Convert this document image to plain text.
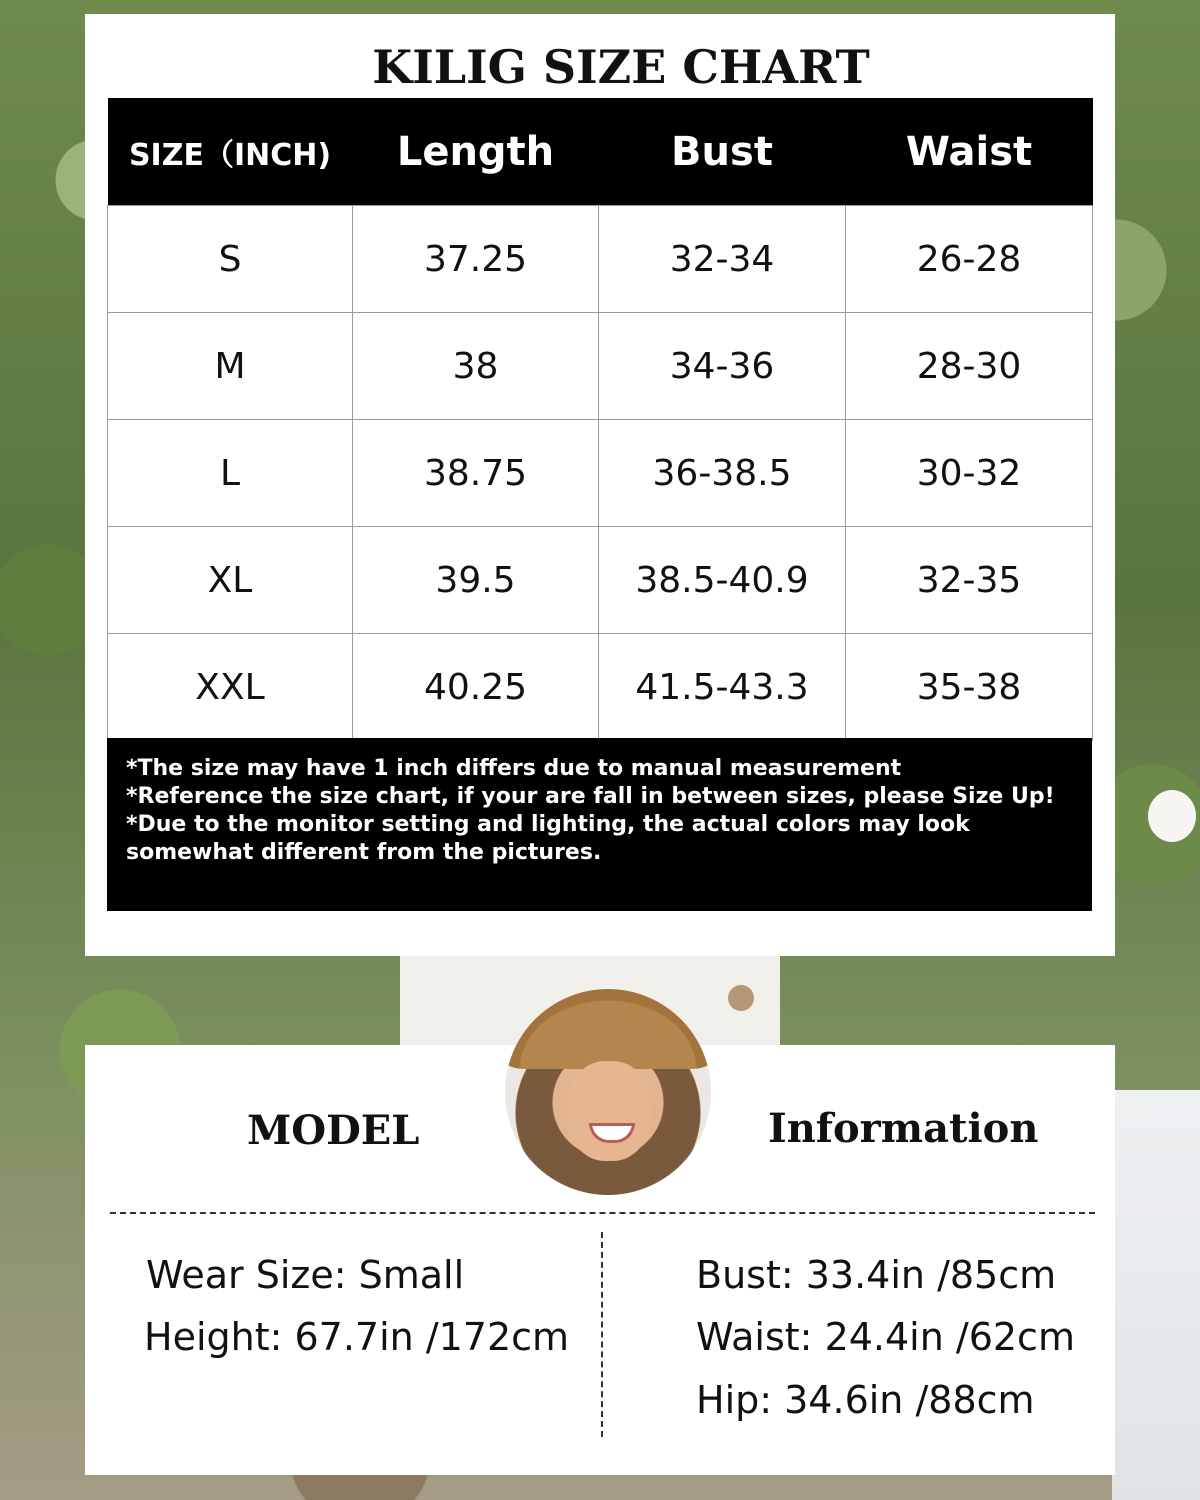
KILIG SIZE CHART
SIZE（INCH)	Length	Bust	Waist
S	37.25	32-34	26-28
M	38	34-36	28-30
L	38.75	36-38.5	30-32
XL	39.5	38.5-40.9	32-35
XXL	40.25	41.5-43.3	35-38
*The size may have 1 inch differs due to manual measurement
*Reference the size chart, if your are fall in between sizes, please Size Up!
*Due to the monitor setting and lighting, the actual colors may look somewhat different from the pictures.
MODEL	Information
Wear Size: Small
Height: 67.7in /172cm
Bust: 33.4in /85cm
Waist: 24.4in /62cm
Hip: 34.6in /88cm
